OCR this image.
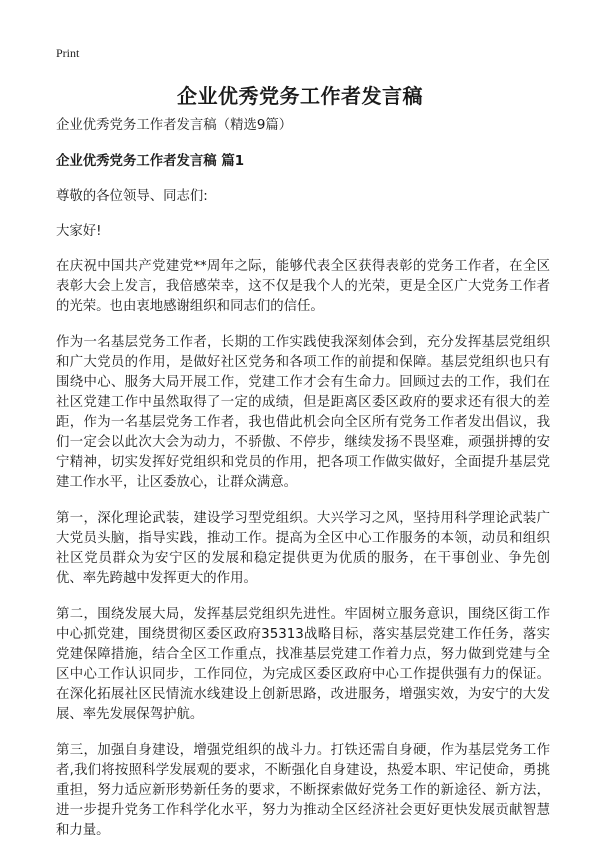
Print
企业优秀党务工作者发言稿

企业优秀党务工作者发言稿（精选9篇）

企业优秀党务工作者发言稿 篇1

尊敬的各位领导、同志们:

大家好!

在庆祝中国共产党建党**周年之际，能够代表全区获得表彰的党务工作者，在全区表彰大会上发言，我倍感荣幸，这不仅是我个人的光荣，更是全区广大党务工作者的光荣。也由衷地感谢组织和同志们的信任。

作为一名基层党务工作者，长期的工作实践使我深刻体会到，充分发挥基层党组织和广大党员的作用，是做好社区党务和各项工作的前提和保障。基层党组织也只有围绕中心、服务大局开展工作，党建工作才会有生命力。回顾过去的工作，我们在社区党建工作中虽然取得了一定的成绩，但是距离区委区政府的要求还有很大的差距，作为一名基层党务工作者，我也借此机会向全区所有党务工作者发出倡议，我们一定会以此次大会为动力，不骄傲、不停步，继续发扬不畏坚难，顽强拼搏的安宁精神，切实发挥好党组织和党员的作用，把各项工作做实做好，全面提升基层党建工作水平，让区委放心，让群众满意。

第一，深化理论武装，建设学习型党组织。大兴学习之风，坚持用科学理论武装广大党员头脑，指导实践，推动工作。提高为全区中心工作服务的本领，动员和组织社区党员群众为安宁区的发展和稳定提供更为优质的服务，在干事创业、争先创优、率先跨越中发挥更大的作用。

第二，围绕发展大局，发挥基层党组织先进性。牢固树立服务意识，围绕区街工作中心抓党建，围绕贯彻区委区政府35313战略目标，落实基层党建工作任务，落实党建保障措施，结合全区工作重点，找准基层党建工作着力点，努力做到党建与全区中心工作认识同步，工作同位，为完成区委区政府中心工作提供强有力的保证。在深化拓展社区民情流水线建设上创新思路，改进服务，增强实效，为安宁的大发展、率先发展保驾护航。

第三，加强自身建设，增强党组织的战斗力。打铁还需自身硬，作为基层党务工作者,我们将按照科学发展观的要求，不断强化自身建设，热爱本职、牢记使命，勇挑重担，努力适应新形势新任务的要求，不断探索做好党务工作的新途径、新方法，进一步提升党务工作科学化水平，努力为推动全区经济社会更好更快发展贡献智慧和力量。
